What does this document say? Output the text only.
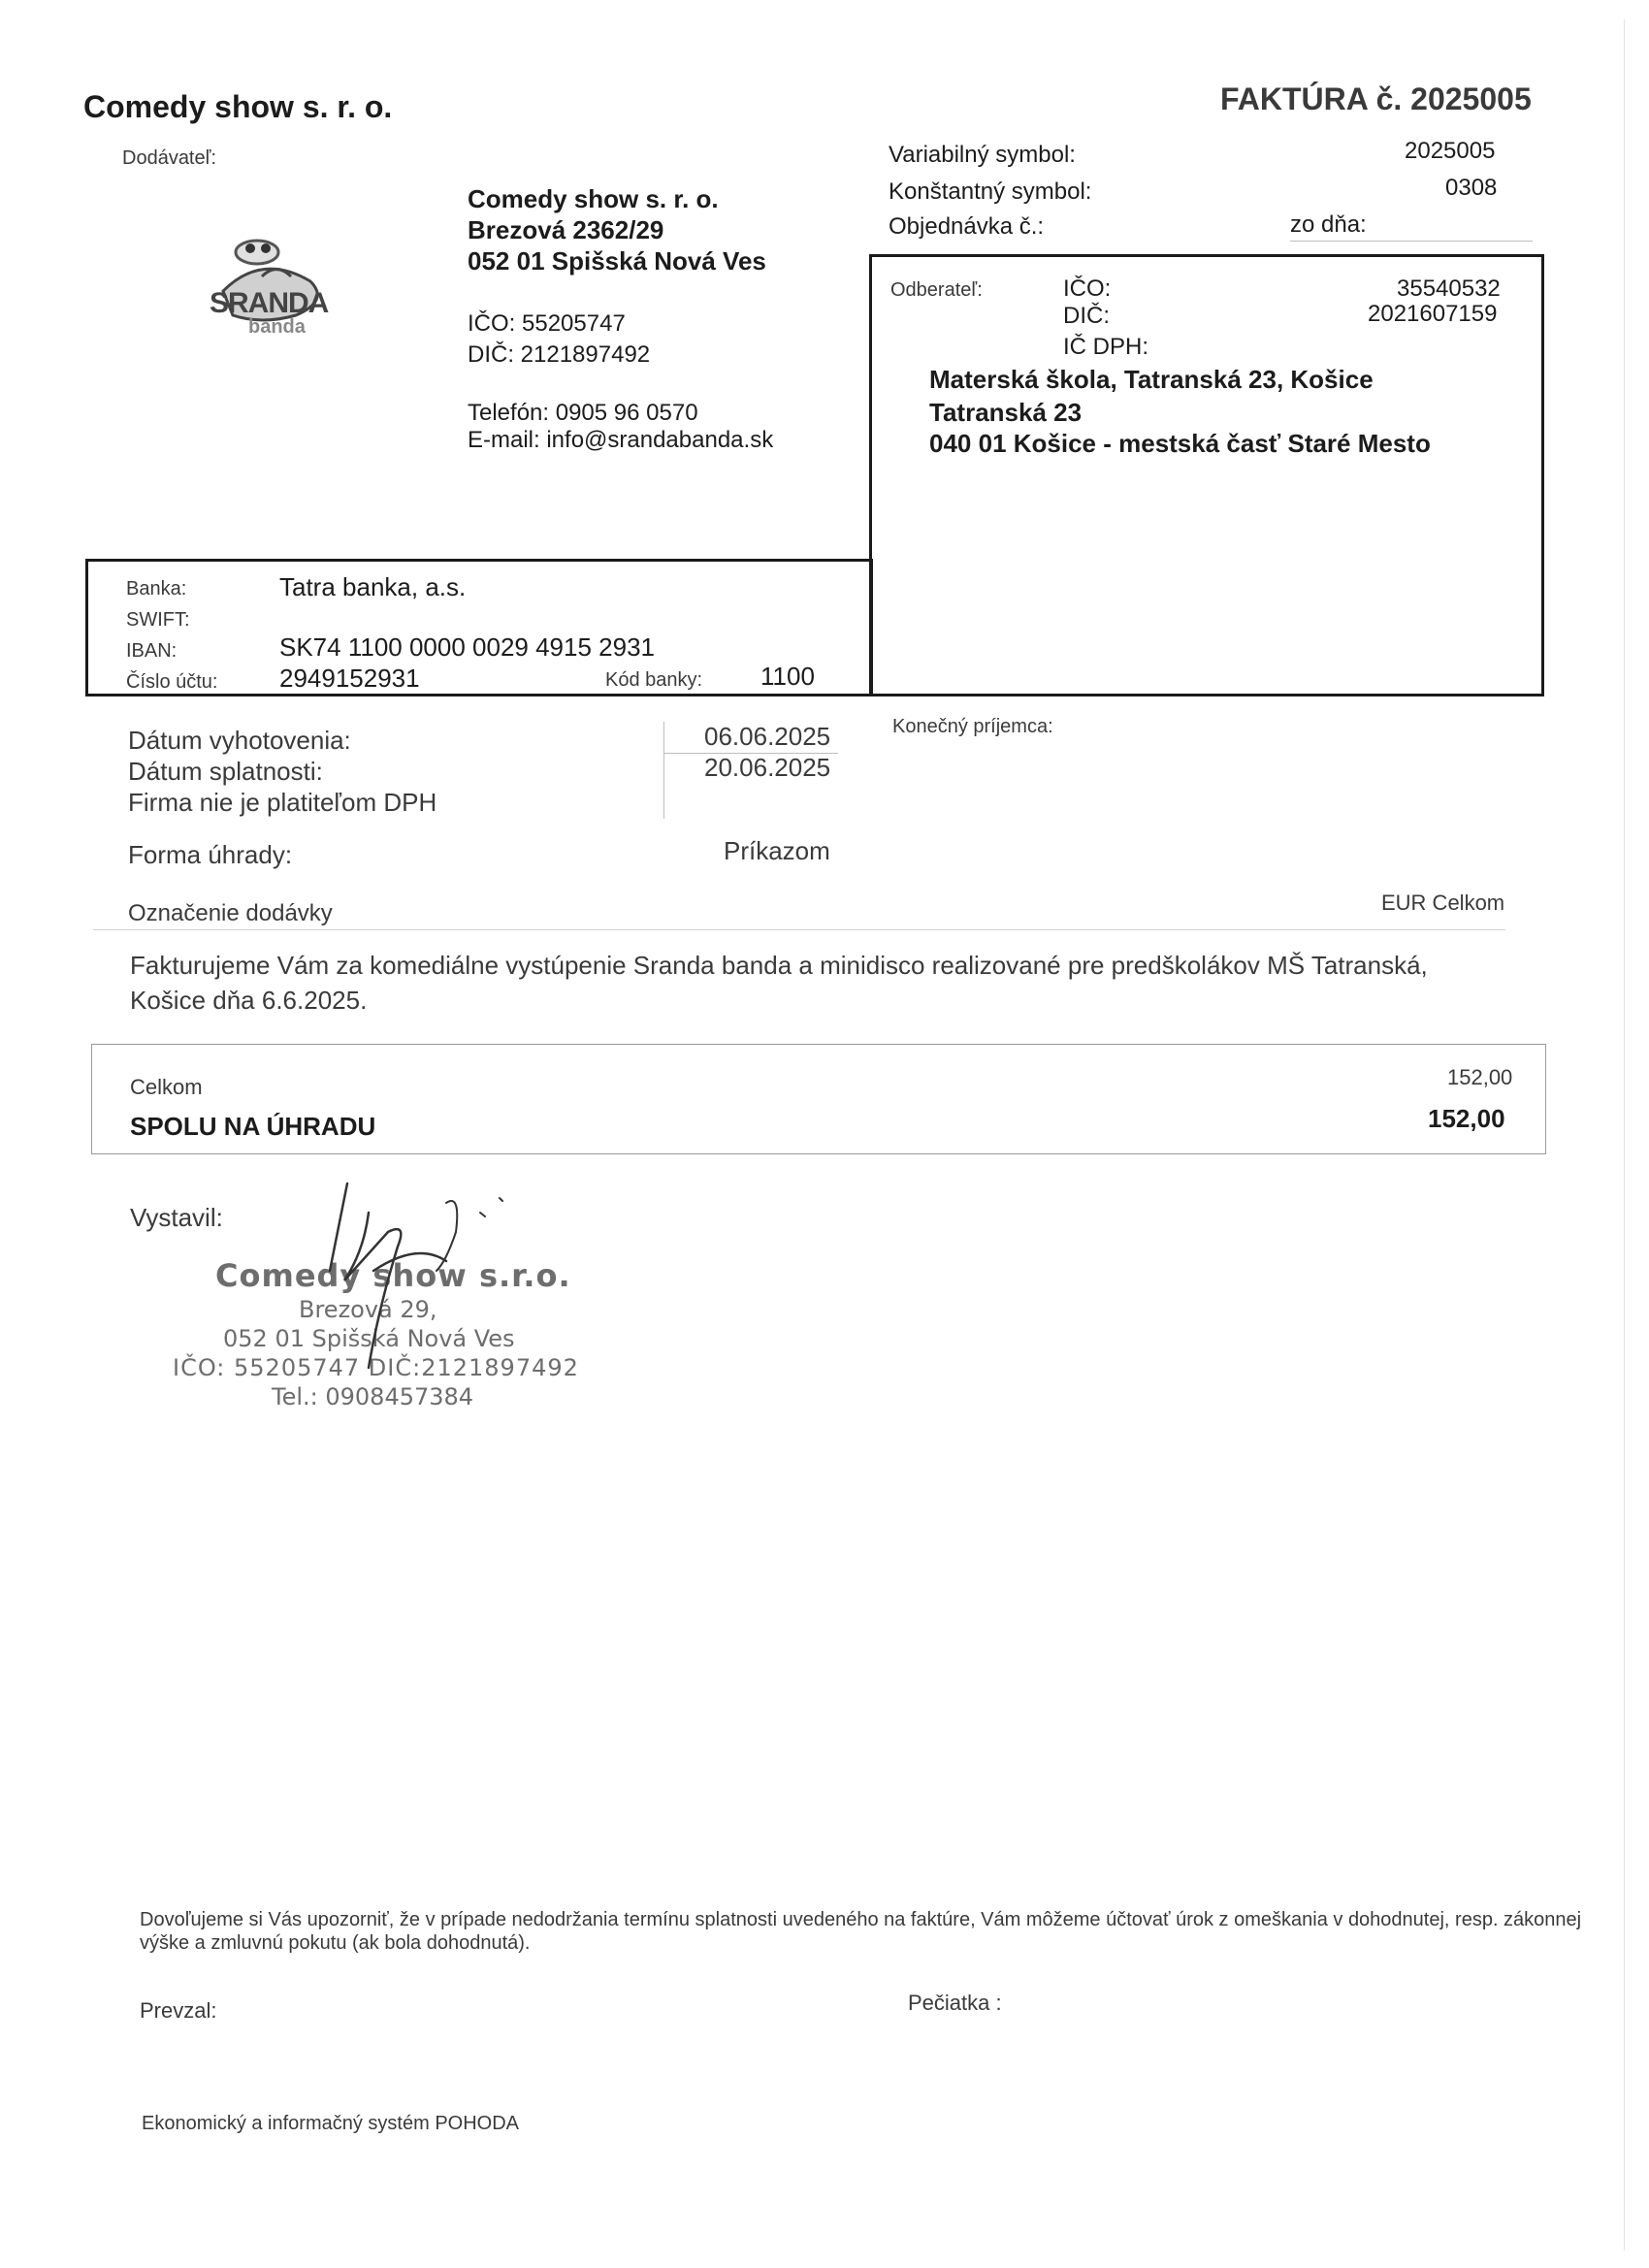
Comedy show s. r. o.	FAKTÚRA č. 2025005
Dodávateľ:
SRANDA
banda
Comedy show s. r. o.
Brezová 2362/29
052 01 Spišská Nová Ves
IČO: 55205747
DIČ: 2121897492
Telefón: 0905 96 0570
E-mail: info@srandabanda.sk
Variabilný symbol:	2025005
Konštantný symbol:	0308
Objednávka č.:	zo dňa:
Odberateľ:	IČO:	35540532
DIČ:	2021607159
IČ DPH:
Materská škola, Tatranská 23, Košice
Tatranská 23
040 01 Košice - mestská časť Staré Mesto
Banka:	Tatra banka, a.s.
SWIFT:
IBAN:	SK74 1100 0000 0029 4915 2931
Číslo účtu: 2949152931	Kód banky: 1100
Dátum vyhotovenia:	06.06.2025
Dátum splatnosti:	20.06.2025
Firma nie je platiteľom DPH
Forma úhrady:	Príkazom
Konečný príjemca:
Označenie dodávky	EUR Celkom
Fakturujeme Vám za komediálne vystúpenie Sranda banda a minidisco realizované pre predškolákov MŠ Tatranská,
Košice dňa 6.6.2025.
Celkom	152,00
SPOLU NA ÚHRADU	152,00
Vystavil:
Comedy show s.r.o.
Brezová 29,
052 01 Spišská Nová Ves
IČO: 55205747 DIČ:2121897492
Tel.: 0908457384
Dovoľujeme si Vás upozorniť, že v prípade nedodržania termínu splatnosti uvedeného na faktúre, Vám môžeme účtovať úrok z omeškania v dohodnutej, resp. zákonnej
výške a zmluvnú pokutu (ak bola dohodnutá).
Prevzal:	Pečiatka :
Ekonomický a informačný systém POHODA
